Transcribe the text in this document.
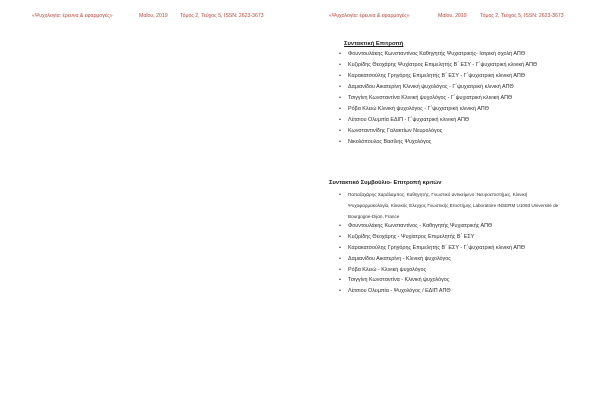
«Ψυχολογία: έρευνα & εφαρμογές»	Μαΐου, 2019 Τόμος 2, Τεύχος 5, ISSN: 2623-3673	«Ψυχολογία: έρευνα & εφαρμογές»	Μαΐου, 2019	Τόμος 2, Τεύχος 5, ISSN: 2623-3673
Συντακτική Επιτροπή
• Φουντουλάκης Κωνσταντίνος Καθηγητής Ψυχιατρικής- Ιατρική σχολή ΑΠΘ
• Κυζιρίδης Θεοχάρης Ψυχίατρος Επιμελητής Β΄ ΕΣΥ - Γ΄ψυχιατρική κλινική ΑΠΘ
• Καρακατσούλης Γρηγόρης Επιμελητής Β΄ ΕΣΥ - Γ΄ψυχιατρική κλινική ΑΠΘ
• Δαμιανίδου Αικατερίνη Κλινική ψυχολόγος - Γ΄ψυχιατρική κλινική ΑΠΘ
• Τσιγγίνη Κωνσταντίνα Κλινική ψυχολόγος - Γ΄ψυχιατρική κλινική ΑΠΘ
• Ρόβα Κλειώ Κλινική ψυχολόγος - Γ΄ψυχιατρική κλινική ΑΠΘ
• Λέτσιου Ολυμπία ΕΔΙΠ - Γ΄ψυχιατρική κλινική ΑΠΘ
• Κωνσταντινίδης Γαλακτίων Νευρολόγος
• Νικολόπουλος Βασίλης Ψυχολόγος
Συντακτικό Συμβούλιο- Επιτροπή κριτών
• Παπαζαχάρης Χαράλαμπος, Καθηγητής, Γνωστικό αντικείμενο :Νευροεπιστήμες, Κλινική
Ψυχοφαρμακολογία, Κλινικός Έλεγχος Γνωστικής Επιστήμης Laboratoire INSERM U1093 Université de
Bourgogne-Dijon, France
• Φουντουλάκης Κωνσταντίνος - Καθηγητής Ψυχιατρικής ΑΠΘ
• Κυζιρίδης Θεοχάρης - Ψυχίατρος Επιμελητής Β΄ ΕΣΥ
• Καρακατσούλης Γρηγόρης Επιμελητής Β΄ ΕΣΥ - Γ΄ψυχιατρική κλινική ΑΠΘ
• Δαμιανίδου Αικατερίνη - Κλινική ψυχολόγος
• Ρόβα Κλειώ - Κλινική ψυχολόγος
• Τσιγγίνη Κωνσταντίνα - Κλινική ψυχολόγος
• Λέτσιου Ολυμπία - Ψυχολόγος / ΕΔΙΠ ΑΠΘ
